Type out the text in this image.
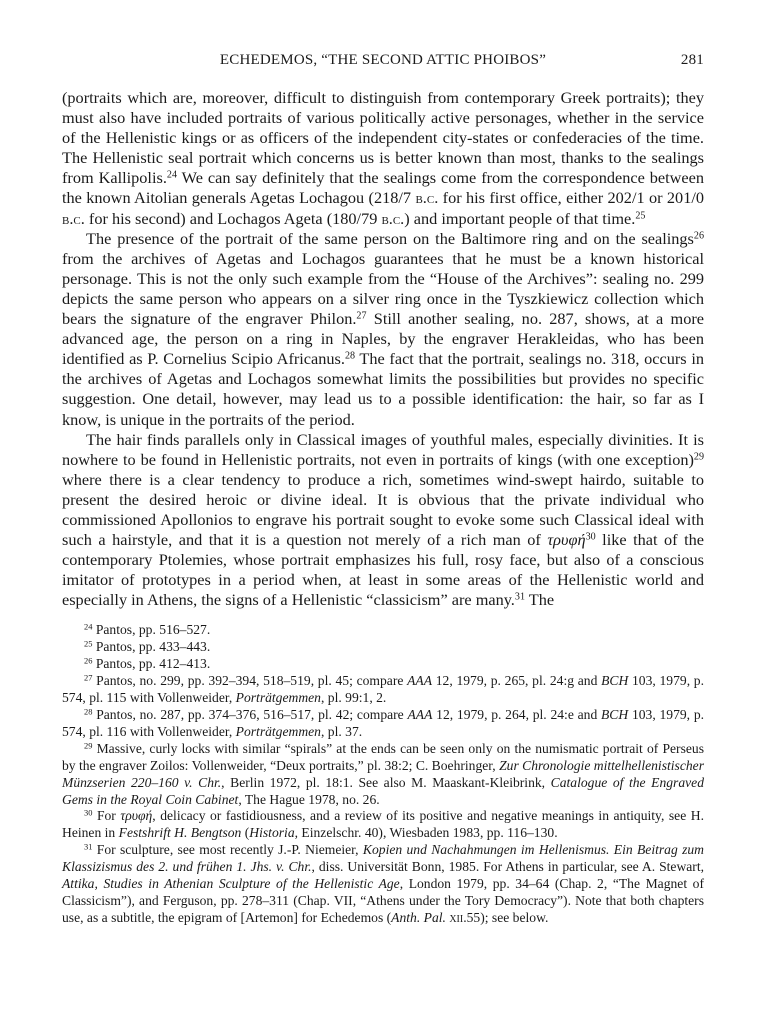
ECHEDEMOS, “THE SECOND ATTIC PHOIBOS”	281

(portraits which are, moreover, difficult to distinguish from contemporary Greek portraits); they must also have included portraits of various politically active personages, whether in the service of the Hellenistic kings or as officers of the independent city-states or confederacies of the time. The Hellenistic seal portrait which concerns us is better known than most, thanks to the sealings from Kallipolis.$^{24}$ We can say definitely that the sealings come from the correspondence between the known Aitolian generals Agetas Lochagou (218/7 b.c. for his first office, either 202/1 or 201/0 b.c. for his second) and Lochagos Ageta (180/79 b.c.) and important people of that time.$^{25}$

The presence of the portrait of the same person on the Baltimore ring and on the sealings$^{26}$ from the archives of Agetas and Lochagos guarantees that he must be a known historical personage. This is not the only such example from the “House of the Archives”: sealing no. 299 depicts the same person who appears on a silver ring once in the Tyszkiewicz collection which bears the signature of the engraver Philon.$^{27}$ Still another sealing, no. 287, shows, at a more advanced age, the person on a ring in Naples, by the engraver Herakleidas, who has been identified as P. Cornelius Scipio Africanus.$^{28}$ The fact that the portrait, sealings no. 318, occurs in the archives of Agetas and Lochagos somewhat limits the possibilities but provides no specific suggestion. One detail, however, may lead us to a possible identification: the hair, so far as I know, is unique in the portraits of the period.

The hair finds parallels only in Classical images of youthful males, especially divinities. It is nowhere to be found in Hellenistic portraits, not even in portraits of kings (with one exception)$^{29}$ where there is a clear tendency to produce a rich, sometimes wind-swept hairdo, suitable to present the desired heroic or divine ideal. It is obvious that the private individual who commissioned Apollonios to engrave his portrait sought to evoke some such Classical ideal with such a hairstyle, and that it is a question not merely of a rich man of τρυφή$^{30}$ like that of the contemporary Ptolemies, whose portrait emphasizes his full, rosy face, but also of a conscious imitator of prototypes in a period when, at least in some areas of the Hellenistic world and especially in Athens, the signs of a Hellenistic “classicism” are many.$^{31}$ The

$^{24}$ Pantos, pp. 516–527.

$^{25}$ Pantos, pp. 433–443.

$^{26}$ Pantos, pp. 412–413.

$^{27}$ Pantos, no. 299, pp. 392–394, 518–519, pl. 45; compare AAA 12, 1979, p. 265, pl. 24:g and BCH 103, 1979, p. 574, pl. 115 with Vollenweider, Porträtgemmen, pl. 99:1, 2.

$^{28}$ Pantos, no. 287, pp. 374–376, 516–517, pl. 42; compare AAA 12, 1979, p. 264, pl. 24:e and BCH 103, 1979, p. 574, pl. 116 with Vollenweider, Porträtgemmen, pl. 37.

$^{29}$ Massive, curly locks with similar “spirals” at the ends can be seen only on the numismatic portrait of Perseus by the engraver Zoilos: Vollenweider, “Deux portraits,” pl. 38:2; C. Boehringer, Zur Chronologie mittelhellenistischer Münzserien 220–160 v. Chr., Berlin 1972, pl. 18:1. See also M. Maaskant-Kleibrink, Catalogue of the Engraved Gems in the Royal Coin Cabinet, The Hague 1978, no. 26.

$^{30}$ For τρυφή, delicacy or fastidiousness, and a review of its positive and negative meanings in antiquity, see H. Heinen in Festshrift H. Bengtson (Historia, Einzelschr. 40), Wiesbaden 1983, pp. 116–130.

$^{31}$ For sculpture, see most recently J.-P. Niemeier, Kopien und Nachahmungen im Hellenismus. Ein Beitrag zum Klassizismus des 2. und frühen 1. Jhs. v. Chr., diss. Universität Bonn, 1985. For Athens in particular, see A. Stewart, Attika, Studies in Athenian Sculpture of the Hellenistic Age, London 1979, pp. 34–64 (Chap. 2, “The Magnet of Classicism”), and Ferguson, pp. 278–311 (Chap. VII, “Athens under the Tory Democracy”). Note that both chapters use, as a subtitle, the epigram of [Artemon] for Echedemos (Anth. Pal. xii.55); see below.
